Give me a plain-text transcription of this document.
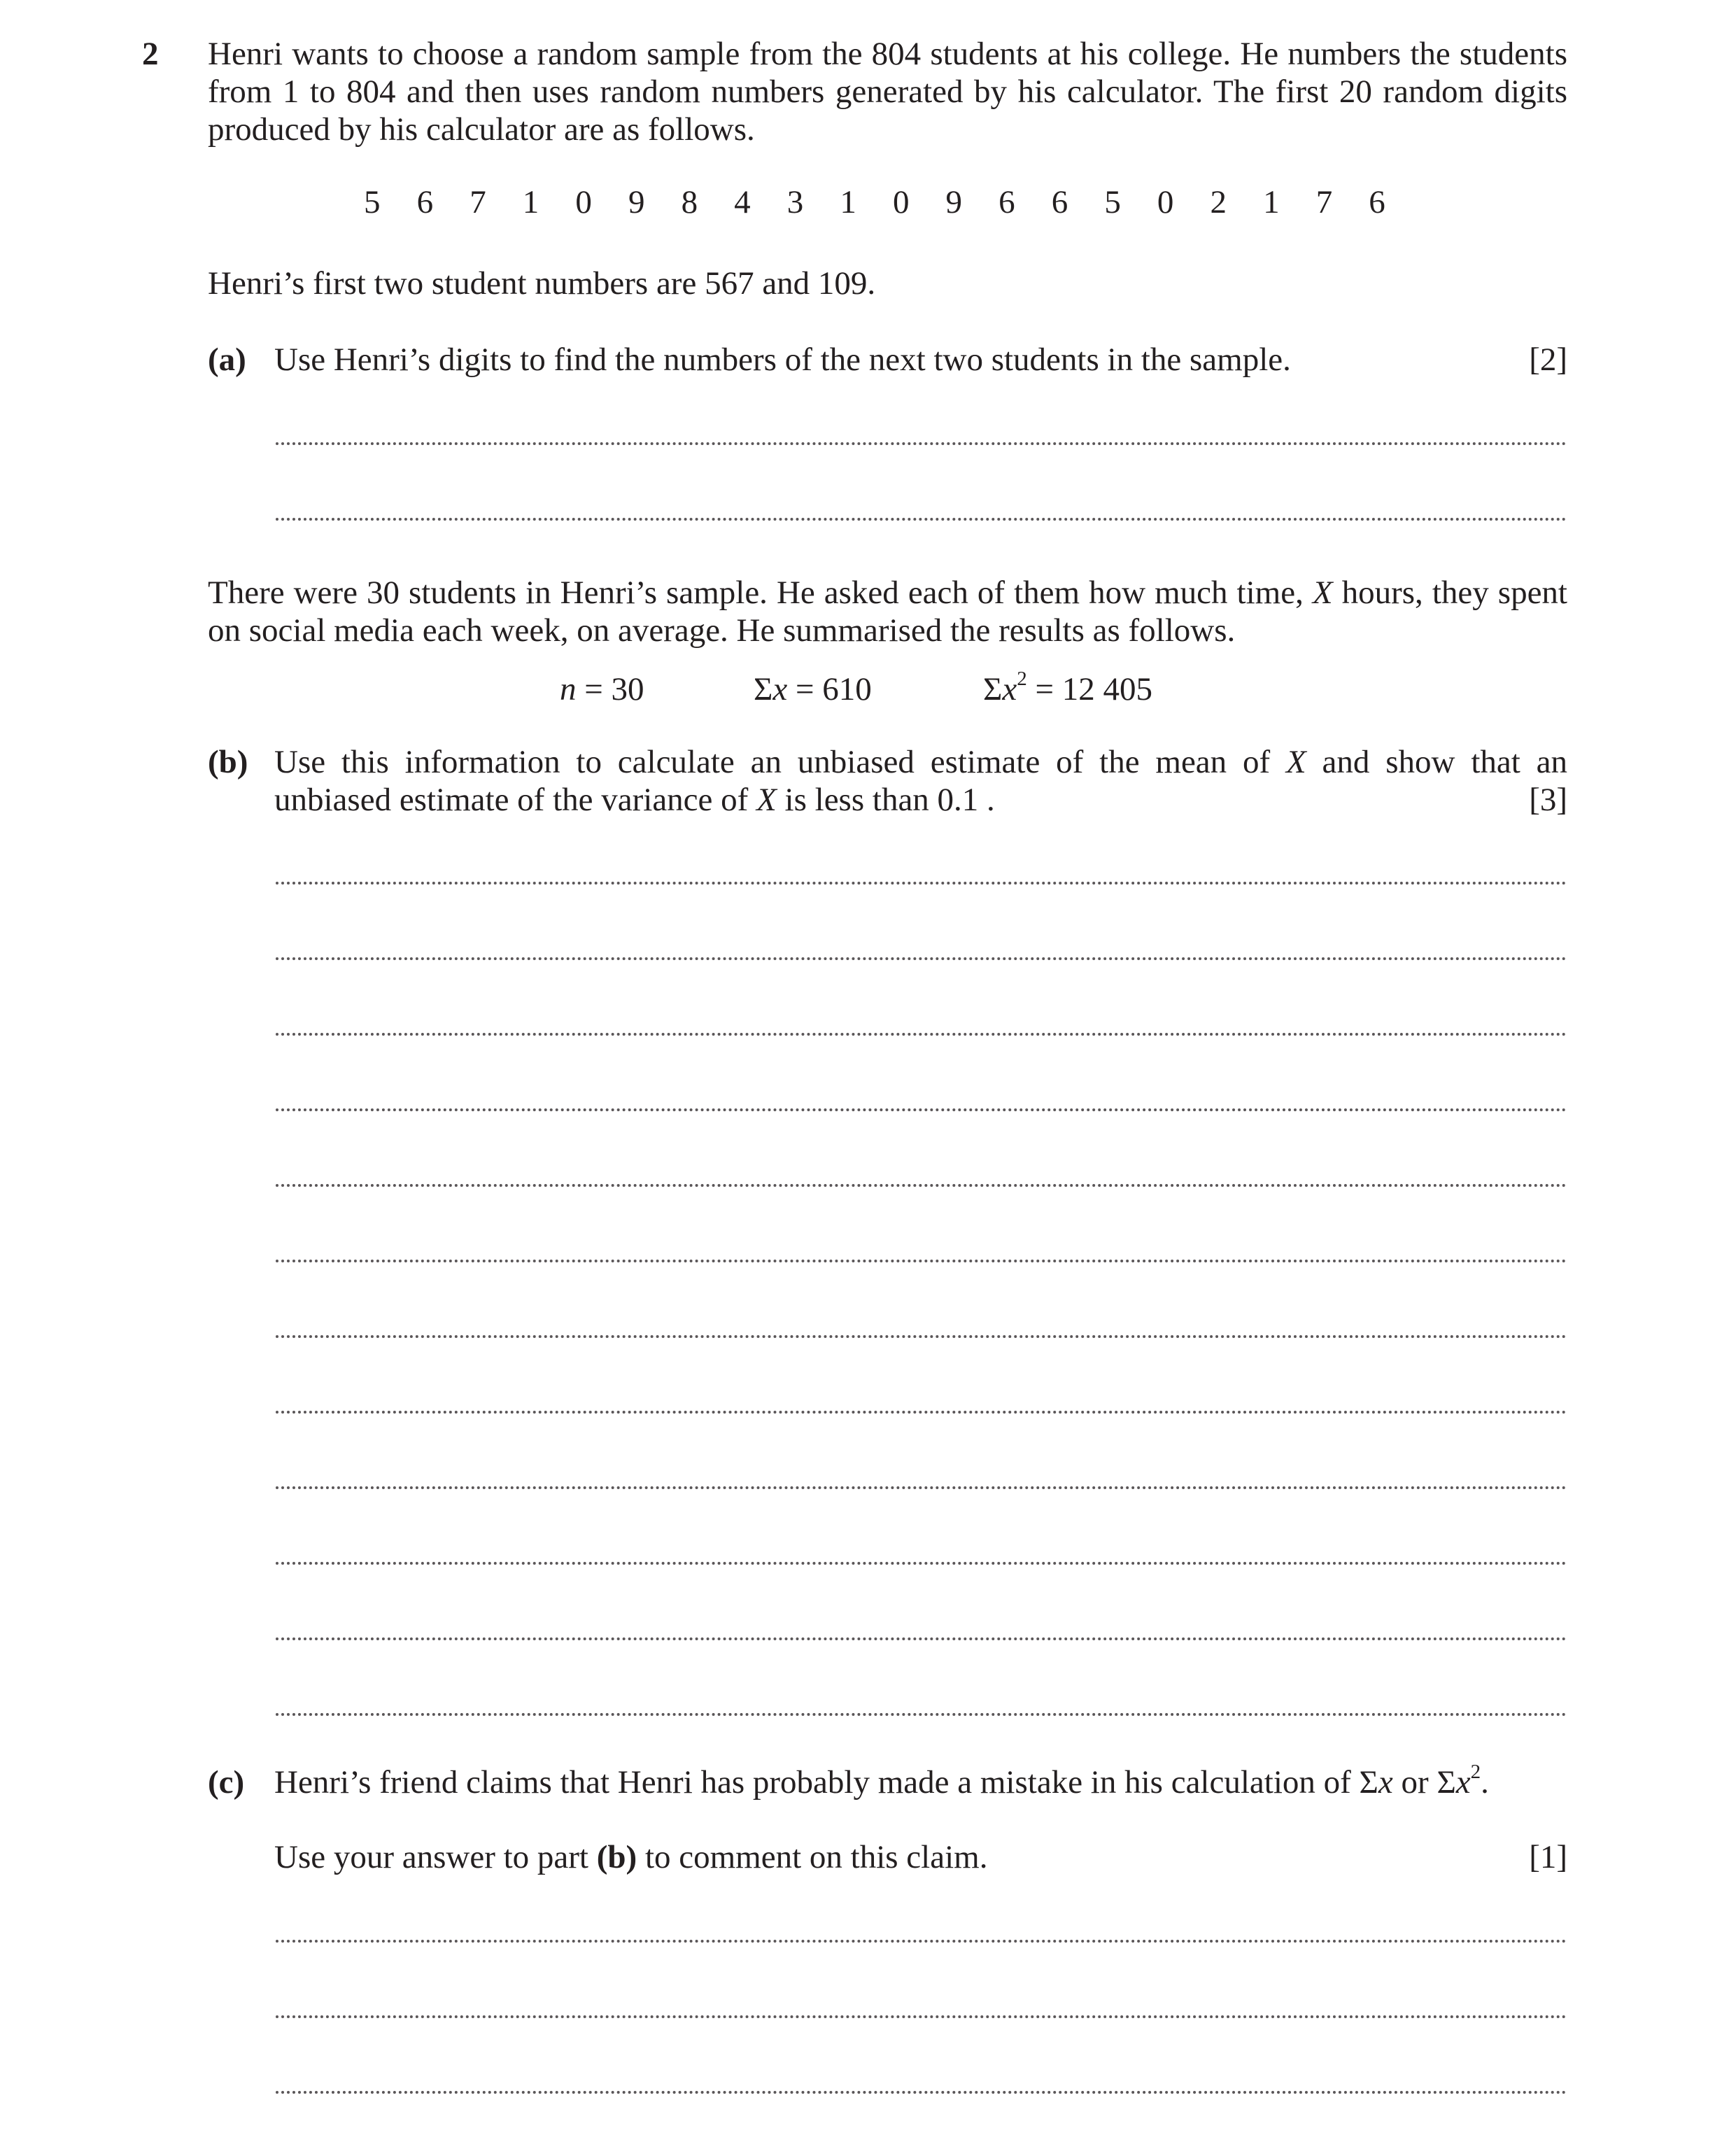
2 Henri wants to choose a random sample from the 804 students at his college. He numbers the students from 1 to 804 and then uses random numbers generated by his calculator. The first 20 random digits produced by his calculator are as follows.
5 6 7 1 0 9 8 4 3 1 0 9 6 6 5 0 2 1 7 6
Henri’s first two student numbers are 567 and 109.
(a) Use Henri’s digits to find the numbers of the next two students in the sample.	[2]
There were 30 students in Henri’s sample. He asked each of them how much time, X hours, they spent on social media each week, on average. He summarised the results as follows.
n = 30	Σx = 610	$\Sigma x^2 = 12$ 405
(b) Use this information to calculate an unbiased estimate of the mean of X and show that an unbiased estimate of the variance of X is less than 0.1 .	[3]
(c) Henri’s friend claims that Henri has probably made a mistake in his calculation of Σx or $\Sigma x^2$.
Use your answer to part (b) to comment on this claim.	[1]
